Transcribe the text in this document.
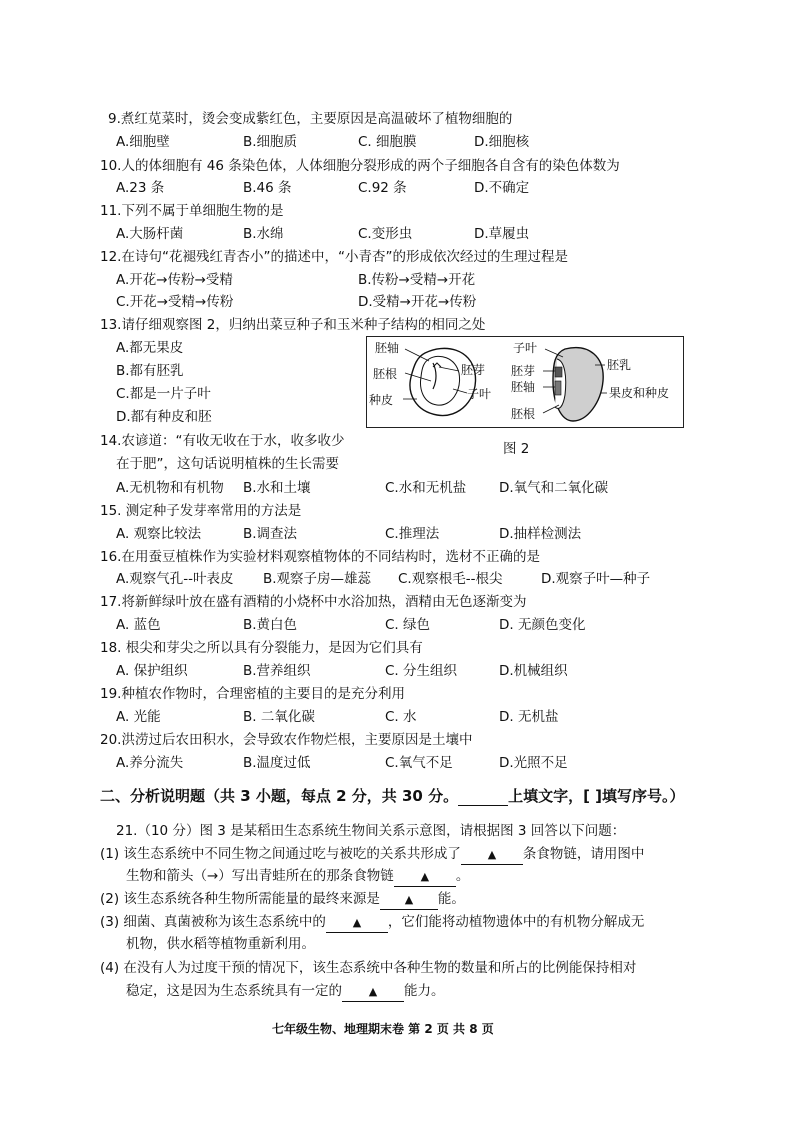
9.煮红苋菜时，烫会变成紫红色，主要原因是高温破坏了植物细胞的
A.细胞壁	B.细胞质	C. 细胞膜	D.细胞核
10.人的体细胞有 46 条染色体，人体细胞分裂形成的两个子细胞各自含有的染色体数为
A.23 条	B.46 条	C.92 条	D.不确定
11.下列不属于单细胞生物的是
A.大肠杆菌	B.水绵	C.变形虫	D.草履虫
12.在诗句“花褪残红青杏小”的描述中，“小青杏”的形成依次经过的生理过程是
A.开花→传粉→受精	B.传粉→受精→开花
C.开花→受精→传粉	D.受精→开花→传粉
13.请仔细观察图 2，归纳出菜豆种子和玉米种子结构的相同之处
A.都无果皮
B.都有胚乳
C.都是一片子叶
D.都有种皮和胚
胚轴
胚根
种皮
胚芽
子叶
子叶
胚乳
胚芽
胚轴
胚根
果皮和种皮
图 2
14.农谚道：“有收无收在于水，收多收少
在于肥”，这句话说明植株的生长需要
A.无机物和有机物 B.水和土壤	C.水和无机盐 D.氧气和二氧化碳
15. 测定种子发芽率常用的方法是
A. 观察比较法	B.调查法	C.推理法	D.抽样检测法
16.在用蚕豆植株作为实验材料观察植物体的不同结构时，选材不正确的是
A.观察气孔--叶表皮 B.观察子房—雄蕊 C.观察根毛--根尖	D.观察子叶—种子
17.将新鲜绿叶放在盛有酒精的小烧杯中水浴加热，酒精由无色逐渐变为
A. 蓝色	B.黄白色	C. 绿色	D. 无颜色变化
18. 根尖和芽尖之所以具有分裂能力，是因为它们具有
A. 保护组织	B.营养组织	C. 分生组织	D.机械组织
19.种植农作物时，合理密植的主要目的是充分利用
A. 光能	B. 二氧化碳	C. 水	D. 无机盐
20.洪涝过后农田积水，会导致农作物烂根，主要原因是土壤中
A.养分流失	B.温度过低	C.氧气不足	D.光照不足
二、分析说明题（共 3 小题，每点 2 分，共 30 分。	上填文字，[ ]填写序号。）
21.（10 分）图 3 是某稻田生态系统生物间关系示意图，请根据图 3 回答以下问题：
(1) 该生态系统中不同生物之间通过吃与被吃的关系共形成了 ▲ 条食物链，请用图中
生物和箭头（→）写出青蛙所在的那条食物链 ▲ 。
(2) 该生态系统各种生物所需能量的最终来源是 ▲ 能。
(3) 细菌、真菌被称为该生态系统中的 ▲ ，它们能将动植物遗体中的有机物分解成无
机物，供水稻等植物重新利用。
(4) 在没有人为过度干预的情况下，该生态系统中各种生物的数量和所占的比例能保持相对
稳定，这是因为生态系统具有一定的 ▲ 能力。
七年级生物、地理期末卷 第 2 页 共 8 页
